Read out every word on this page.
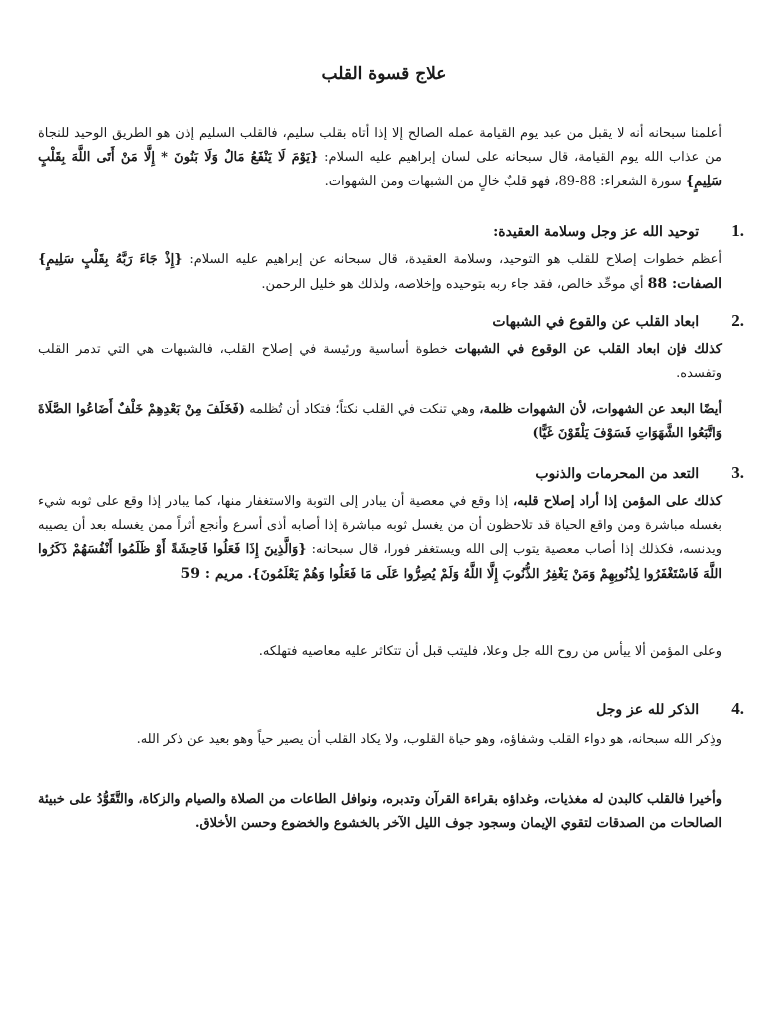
علاج قسوة القلب
أعلمنا سبحانه أنه لا يقبل من عبد يوم القيامة عمله الصالح إلا إذا أتاه بقلب سليم، فالقلب السليم إذن هو الطريق الوحيد للنجاة من عذاب الله يوم القيامة، قال سبحانه على لسان إبراهيم عليه السلام: {يَوْمَ لَا يَنْفَعُ مَالٌ وَلَا بَنُونَ * إِلَّا مَنْ أَتَى اللَّهَ بِقَلْبٍ سَلِيمٍ} سورة الشعراء: 88-89، فهو قلبٌ خالٍ من الشبهات ومن الشهوات.
.1 توحيد الله عز وجل وسلامة العقيدة:
أعظم خطوات إصلاح للقلب هو التوحيد، وسلامة العقيدة، قال سبحانه عن إبراهيم عليه السلام: {إِذْ جَاءَ رَبَّهُ بِقَلْبٍ سَلِيمٍ} الصفات: 88 أي موحِّد خالص، فقد جاء ربه بتوحيده وإخلاصه، ولذلك هو خليل الرحمن.
.2 ابعاد القلب عن والقوع في الشبهات
كذلك فإن ابعاد القلب عن الوقوع في الشبهات خطوة أساسية ورئيسة في إصلاح القلب، فالشبهات هي التي تدمر القلب وتفسده.
أيضًا البعد عن الشهوات، لأن الشهوات ظلمة، وهي تنكت في القلب نكتاً؛ فتكاد أن تُظلمه (فَخَلَفَ مِنْ بَعْدِهِمْ خَلْفٌ أَضَاعُوا الصَّلَاةَ وَاتَّبَعُوا الشَّهَوَاتِ فَسَوْفَ يَلْقَوْنَ غَيًّا)
.3 التعد من المحرمات والذنوب
كذلك على المؤمن إذا أراد إصلاح قلبه، إذا وقع في معصية أن يبادر إلى التوبة والاستغفار منها، كما يبادر إذا وقع على ثوبه شيء بغسله مباشرة ومن واقع الحياة قد تلاحظون أن من يغسل ثوبه مباشرة إذا أصابه أذى أسرع وأنجع أثراً ممن يغسله بعد أن يصيبه ويدنسه، فكذلك إذا أصاب معصية يتوب إلى الله ويستغفر فورا، قال سبحانه: {وَالَّذِينَ إِذَا فَعَلُوا فَاحِشَةً أَوْ ظَلَمُوا أَنْفُسَهُمْ ذَكَرُوا اللَّهَ فَاسْتَغْفَرُوا لِذُنُوبِهِمْ وَمَنْ يَغْفِرُ الذُّنُوبَ إِلَّا اللَّهُ وَلَمْ يُصِرُّوا عَلَى مَا فَعَلُوا وَهُمْ يَعْلَمُونَ}. مريم : 59
وعلى المؤمن ألا ييأس من روح الله جل وعلا، فليتب قبل أن تتكاثر عليه معاصيه فتهلكه.
.4 الذكر لله عز وجل
وذِكر الله سبحانه، هو دواء القلب وشفاؤه، وهو حياة القلوب، ولا يكاد القلب أن يصير حياً وهو بعيد عن ذكر الله.
وأخيرا فالقلب كالبدن له مغذيات، وغداؤه بقراءة القرآن وتدبره، ونوافل الطاعات من الصلاة والصيام والزكاة، والتَّقَوُّدُ على خبيئة الصالحات من الصدقات لتقوي الإيمان وسجود جوف الليل الآخر بالخشوع والخضوع وحسن الأخلاق.
